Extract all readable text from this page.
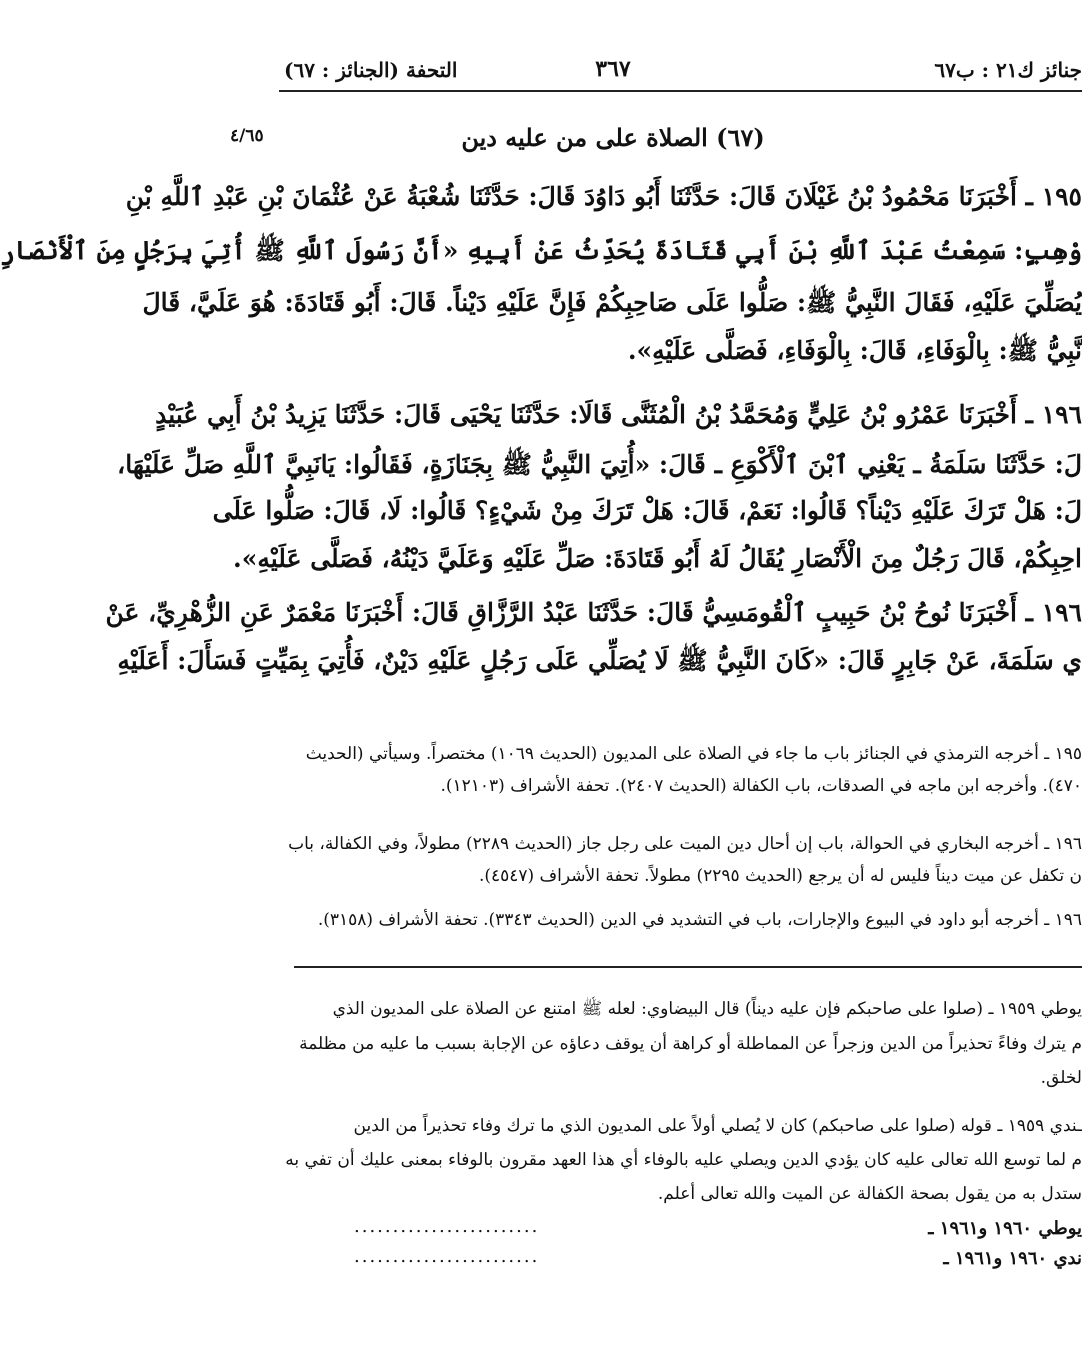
جنائز ك٢١ : ب٦٧
٣٦٧
التحفة (الجنائز : ٦٧)
٤/٦٥	(٦٧) الصلاة على من عليه دين
١٩٥ ـ أَخْبَرَنَا مَحْمُودُ بْنُ غَيْلَانَ قَالَ: حَدَّثَنَا أَبُو دَاوُدَ قَالَ: حَدَّثَنَا شُعْبَةُ عَنْ عُثْمَانَ بْنِ عَبْدِ ٱللَّهِ بْنِ
وْهِبٍ: سَمِعْتُ عَبْدَ ٱللَّهِ بْنَ أَبِي قَتَادَةَ يُحَدِّثُ عَنْ أَبِيهِ «أَنَّ رَسُولَ ٱللَّهِ ﷺ أُتِيَ بِرَجُلٍ مِنَ ٱلْأَنْصَارِ
يُصَلِّيَ عَلَيْهِ، فَقَالَ النَّبِيُّ ﷺ: صَلُّوا عَلَى صَاحِبِكُمْ فَإِنَّ عَلَيْهِ دَيْناً. قَالَ: أَبُو قَتَادَةَ: هُوَ عَلَيَّ، قَالَ
نَّبِيُّ ﷺ: بِالْوَفَاءِ، قَالَ: بِالْوَفَاءِ، فَصَلَّى عَلَيْهِ».
١٩٦ ـ أَخْبَرَنَا عَمْرُو بْنُ عَلِيٍّ وَمُحَمَّدُ بْنُ الْمُثَنَّى قَالَا: حَدَّثَنَا يَحْيَى قَالَ: حَدَّثَنَا يَزِيدُ بْنُ أَبِي عُبَيْدٍ
لَ: حَدَّثَنَا سَلَمَةُ ـ يَعْنِي ٱبْنَ ٱلْأَكْوَعِ ـ قَالَ: «أُتِيَ النَّبِيُّ ﷺ بِجَنَازَةٍ، فَقَالُوا: يَانَبِيَّ ٱللَّهِ صَلِّ عَلَيْهَا،
لَ: هَلْ تَرَكَ عَلَيْهِ دَيْناً؟ قَالُوا: نَعَمْ، قَالَ: هَلْ تَرَكَ مِنْ شَيْءٍ؟ قَالُوا: لَا، قَالَ: صَلُّوا عَلَى
احِبِكُمْ، قَالَ رَجُلٌ مِنَ الْأَنْصَارِ يُقَالُ لَهُ أَبُو قَتَادَةَ: صَلِّ عَلَيْهِ وَعَلَيَّ دَيْنُهُ، فَصَلَّى عَلَيْهِ».
١٩٦ ـ أَخْبَرَنَا نُوحُ بْنُ حَبِيبٍ ٱلْقُومَسِيُّ قَالَ: حَدَّثَنَا عَبْدُ الرَّزَّاقِ قَالَ: أَخْبَرَنَا مَعْمَرٌ عَنِ الزُّهْرِيِّ، عَنْ
ي سَلَمَةَ، عَنْ جَابِرٍ قَالَ: «كَانَ النَّبِيُّ ﷺ لَا يُصَلِّي عَلَى رَجُلٍ عَلَيْهِ دَيْنٌ، فَأُتِيَ بِمَيِّتٍ فَسَأَلَ: أَعَلَيْهِ
١٩٥ ـ أخرجه الترمذي في الجنائز باب ما جاء في الصلاة على المديون (الحديث ١٠٦٩) مختصراً. وسيأتي (الحديث
٤٧٠). وأخرجه ابن ماجه في الصدقات، باب الكفالة (الحديث ٢٤٠٧). تحفة الأشراف (١٢١٠٣).
١٩٦ ـ أخرجه البخاري في الحوالة، باب إن أحال دين الميت على رجل جاز (الحديث ٢٢٨٩) مطولاً، وفي الكفالة، باب
ن تكفل عن ميت ديناً فليس له أن يرجع (الحديث ٢٢٩٥) مطولاً. تحفة الأشراف (٤٥٤٧).
١٩٦ ـ أخرجه أبو داود في البيوع والإجارات، باب في التشديد في الدين (الحديث ٣٣٤٣). تحفة الأشراف (٣١٥٨).
يوطي ١٩٥٩ ـ (صلوا على صاحبكم فإن عليه ديناً) قال البيضاوي: لعله ﷺ امتنع عن الصلاة على المديون الذي
م يترك وفاءً تحذيراً من الدين وزجراً عن المماطلة أو كراهة أن يوقف دعاؤه عن الإجابة بسبب ما عليه من مظلمة
لخلق.
ـندي ١٩٥٩ ـ قوله (صلوا على صاحبكم) كان لا يُصلي أولاً على المديون الذي ما ترك وفاء تحذيراً من الدين
م لما توسع الله تعالى عليه كان يؤدي الدين ويصلي عليه بالوفاء أي هذا العهد مقرون بالوفاء بمعنى عليك أن تفي به
ستدل به من يقول بصحة الكفالة عن الميت والله تعالى أعلم.
يوطي ١٩٦٠ و١٩٦١ ـ
........................
ندي ١٩٦٠ و١٩٦١ ـ
........................
